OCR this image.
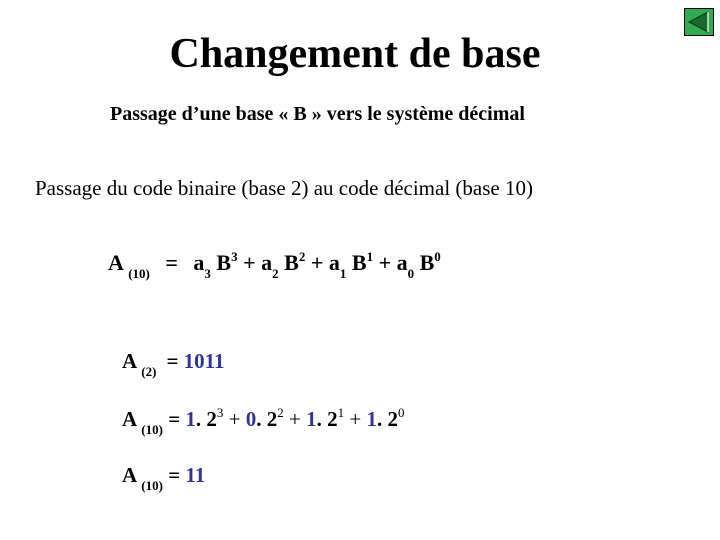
Changement de base
Passage d’une base « B » vers le système décimal
Passage du code binaire (base 2) au code décimal (base 10)
A $_{(10)} = a_3$ $B^3 + a_2$ $B^2 + a_1$ $B^1 + a_0$ $B^0$
A $_{(2)}$ = 1011
A $_{(10)}$ = 1. $2^3 + 0$. $2^2 + 1$. $2^1 + 1$. $2^0$
A $_{(10)}$ = 11
